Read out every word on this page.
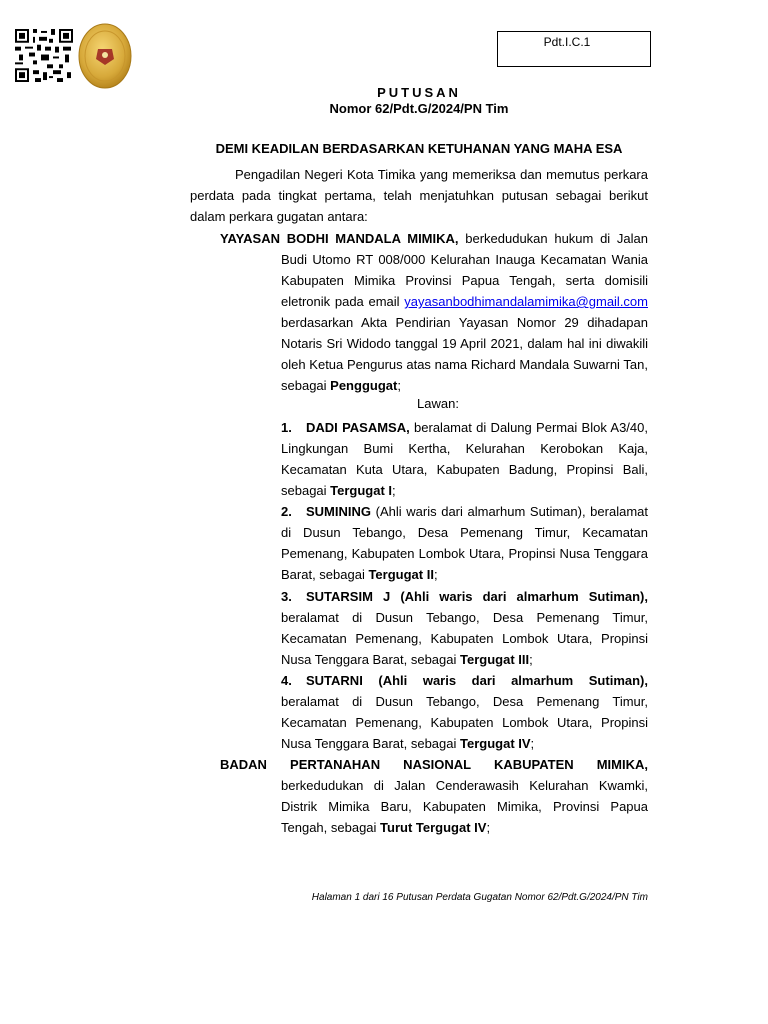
Pdt.I.C.1
PUTUSAN
Nomor 62/Pdt.G/2024/PN Tim
DEMI KEADILAN BERDASARKAN KETUHANAN YANG MAHA ESA
Pengadilan Negeri Kota Timika yang memeriksa dan memutus perkara perdata pada tingkat pertama, telah menjatuhkan putusan sebagai berikut dalam perkara gugatan antara:
YAYASAN BODHI MANDALA MIMIKA, berkedudukan hukum di Jalan
Budi Utomo RT 008/000 Kelurahan Inauga Kecamatan Wania Kabupaten Mimika Provinsi Papua Tengah, serta domisili eletronik pada email yayasanbodhimandalamimika@gmail.com berdasarkan Akta Pendirian Yayasan Nomor 29 dihadapan Notaris Sri Widodo tanggal 19 April 2021, dalam hal ini diwakili oleh Ketua Pengurus atas nama Richard Mandala Suwarni Tan, sebagai Penggugat;
Lawan:
1. DADI PASAMSA, beralamat di Dalung Permai Blok A3/40, Lingkungan Bumi Kertha, Kelurahan Kerobokan Kaja, Kecamatan Kuta Utara, Kabupaten Badung, Propinsi Bali, sebagai Tergugat I;
2. SUMINING (Ahli waris dari almarhum Sutiman), beralamat di Dusun Tebango, Desa Pemenang Timur, Kecamatan Pemenang, Kabupaten Lombok Utara, Propinsi Nusa Tenggara Barat, sebagai Tergugat II;
3. SUTARSIM J (Ahli waris dari almarhum Sutiman), beralamat di Dusun Tebango, Desa Pemenang Timur, Kecamatan Pemenang, Kabupaten Lombok Utara, Propinsi Nusa Tenggara Barat, sebagai Tergugat III;
4. SUTARNI (Ahli waris dari almarhum Sutiman), beralamat di Dusun Tebango, Desa Pemenang Timur, Kecamatan Pemenang, Kabupaten Lombok Utara, Propinsi Nusa Tenggara Barat, sebagai Tergugat IV;
BADAN PERTANAHAN NASIONAL KABUPATEN MIMIKA,
berkedudukan di Jalan Cenderawasih Kelurahan Kwamki, Distrik Mimika Baru, Kabupaten Mimika, Provinsi Papua Tengah, sebagai Turut Tergugat IV;
Halaman 1 dari 16 Putusan Perdata Gugatan Nomor 62/Pdt.G/2024/PN Tim
